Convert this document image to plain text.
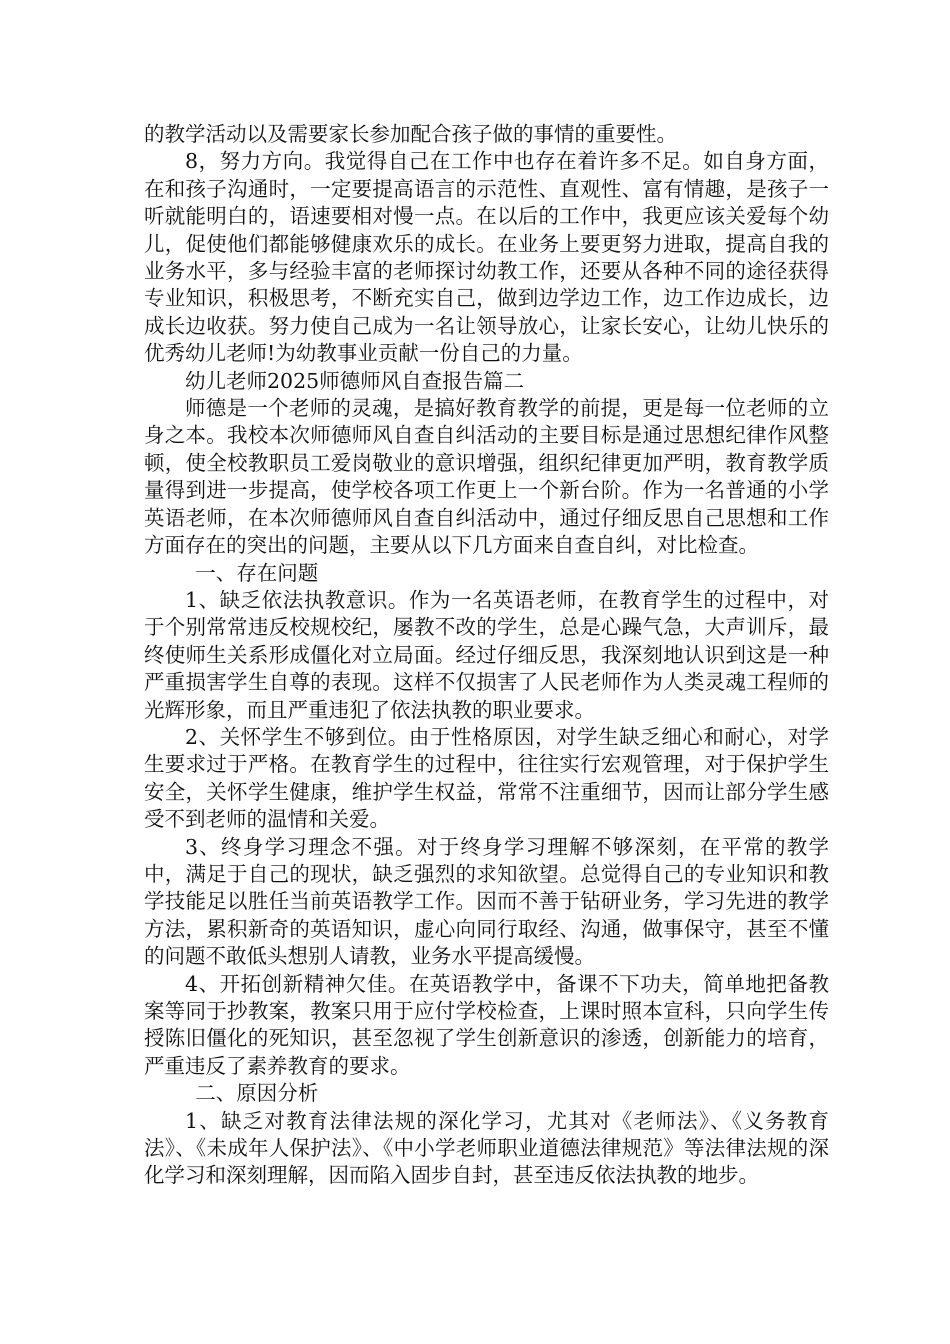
的教学活动以及需要家长参加配合孩子做的事情的重要性。

8，努力方向。我觉得自己在工作中也存在着许多不足。如自身方面，在和孩子沟通时，一定要提高语言的示范性、直观性、富有情趣，是孩子一听就能明白的，语速要相对慢一点。在以后的工作中，我更应该关爱每个幼儿，促使他们都能够健康欢乐的成长。在业务上要更努力进取，提高自我的业务水平，多与经验丰富的老师探讨幼教工作，还要从各种不同的途径获得专业知识，积极思考，不断充实自己，做到边学边工作，边工作边成长，边成长边收获。努力使自己成为一名让领导放心，让家长安心，让幼儿快乐的优秀幼儿老师!为幼教事业贡献一份自己的力量。

幼儿老师2025师德师风自查报告篇二

师德是一个老师的灵魂，是搞好教育教学的前提，更是每一位老师的立身之本。我校本次师德师风自查自纠活动的主要目标是通过思想纪律作风整顿，使全校教职员工爱岗敬业的意识增强，组织纪律更加严明，教育教学质量得到进一步提高，使学校各项工作更上一个新台阶。作为一名普通的小学英语老师，在本次师德师风自查自纠活动中，通过仔细反思自己思想和工作方面存在的突出的问题，主要从以下几方面来自查自纠，对比检查。

一、存在问题

1、缺乏依法执教意识。作为一名英语老师，在教育学生的过程中，对于个别常常违反校规校纪，屡教不改的学生，总是心躁气急，大声训斥，最终使师生关系形成僵化对立局面。经过仔细反思，我深刻地认识到这是一种严重损害学生自尊的表现。这样不仅损害了人民老师作为人类灵魂工程师的光辉形象，而且严重违犯了依法执教的职业要求。

2、关怀学生不够到位。由于性格原因，对学生缺乏细心和耐心，对学生要求过于严格。在教育学生的过程中，往往实行宏观管理，对于保护学生安全，关怀学生健康，维护学生权益，常常不注重细节，因而让部分学生感受不到老师的温情和关爱。

3、终身学习理念不强。对于终身学习理解不够深刻，在平常的教学中，满足于自己的现状，缺乏强烈的求知欲望。总觉得自己的专业知识和教学技能足以胜任当前英语教学工作。因而不善于钻研业务，学习先进的教学方法，累积新奇的英语知识，虚心向同行取经、沟通，做事保守，甚至不懂的问题不敢低头想别人请教，业务水平提高缓慢。

4、开拓创新精神欠佳。在英语教学中，备课不下功夫，简单地把备教案等同于抄教案，教案只用于应付学校检查，上课时照本宣科，只向学生传授陈旧僵化的死知识，甚至忽视了学生创新意识的渗透，创新能力的培育，严重违反了素养教育的要求。

二、原因分析

1、缺乏对教育法律法规的深化学习，尤其对《老师法》、《义务教育法》、《未成年人保护法》、《中小学老师职业道德法律规范》等法律法规的深化学习和深刻理解，因而陷入固步自封，甚至违反依法执教的地步。
